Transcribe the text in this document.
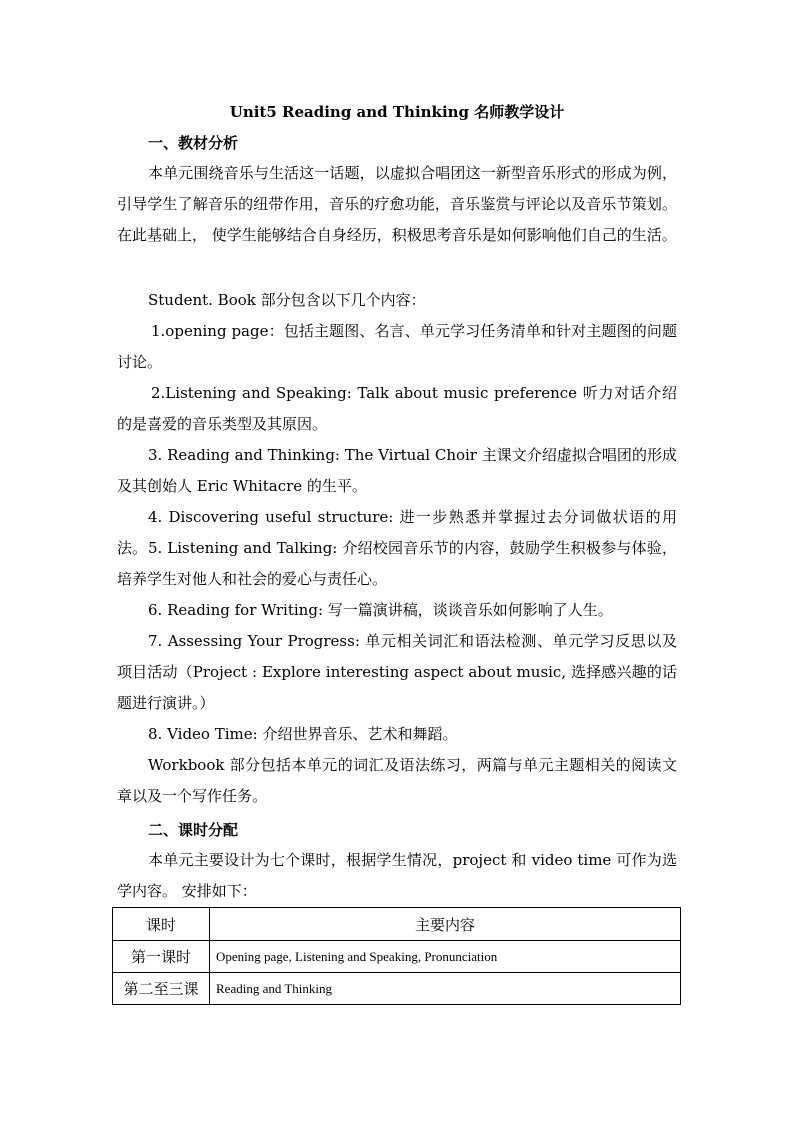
Unit5 Reading and Thinking 名师教学设计
一、教材分析
本单元围绕音乐与生活这一话题，以虚拟合唱团这一新型音乐形式的形成为例，引导学生了解音乐的纽带作用，音乐的疗愈功能，音乐鉴赏与评论以及音乐节策划。在此基础上， 使学生能够结合自身经历，积极思考音乐是如何影响他们自己的生活。
Student. Book 部分包含以下几个内容：
1.opening page：包括主题图、名言、单元学习任务清单和针对主题图的问题讨论。
2.Listening and Speaking: Talk about music preference 听力对话介绍的是喜爱的音乐类型及其原因。
3. Reading and Thinking: The Virtual Choir 主课文介绍虚拟合唱团的形成及其创始人 Eric Whitacre 的生平。
4. Discovering useful structure: 进一步熟悉并掌握过去分词做状语的用法。 5. Listening and Talking: 介绍校园音乐节的内容，鼓励学生积极参与体验，培养学生对他人和社会的爱心与责任心。
6. Reading for Writing: 写一篇演讲稿，谈谈音乐如何影响了人生。
7. Assessing Your Progress: 单元相关词汇和语法检测、单元学习反思以及项目活动（Project : Explore interesting aspect about music, 选择感兴趣的话题进行演讲。）
8. Video Time: 介绍世界音乐、艺术和舞蹈。
Workbook 部分包括本单元的词汇及语法练习，两篇与单元主题相关的阅读文章以及一个写作任务。
二、课时分配
本单元主要设计为七个课时，根据学生情况，project 和 video time 可作为选学内容。 安排如下：
课时	主要内容
第一课时	Opening page, Listening and Speaking, Pronunciation
第二至三课	Reading and Thinking
